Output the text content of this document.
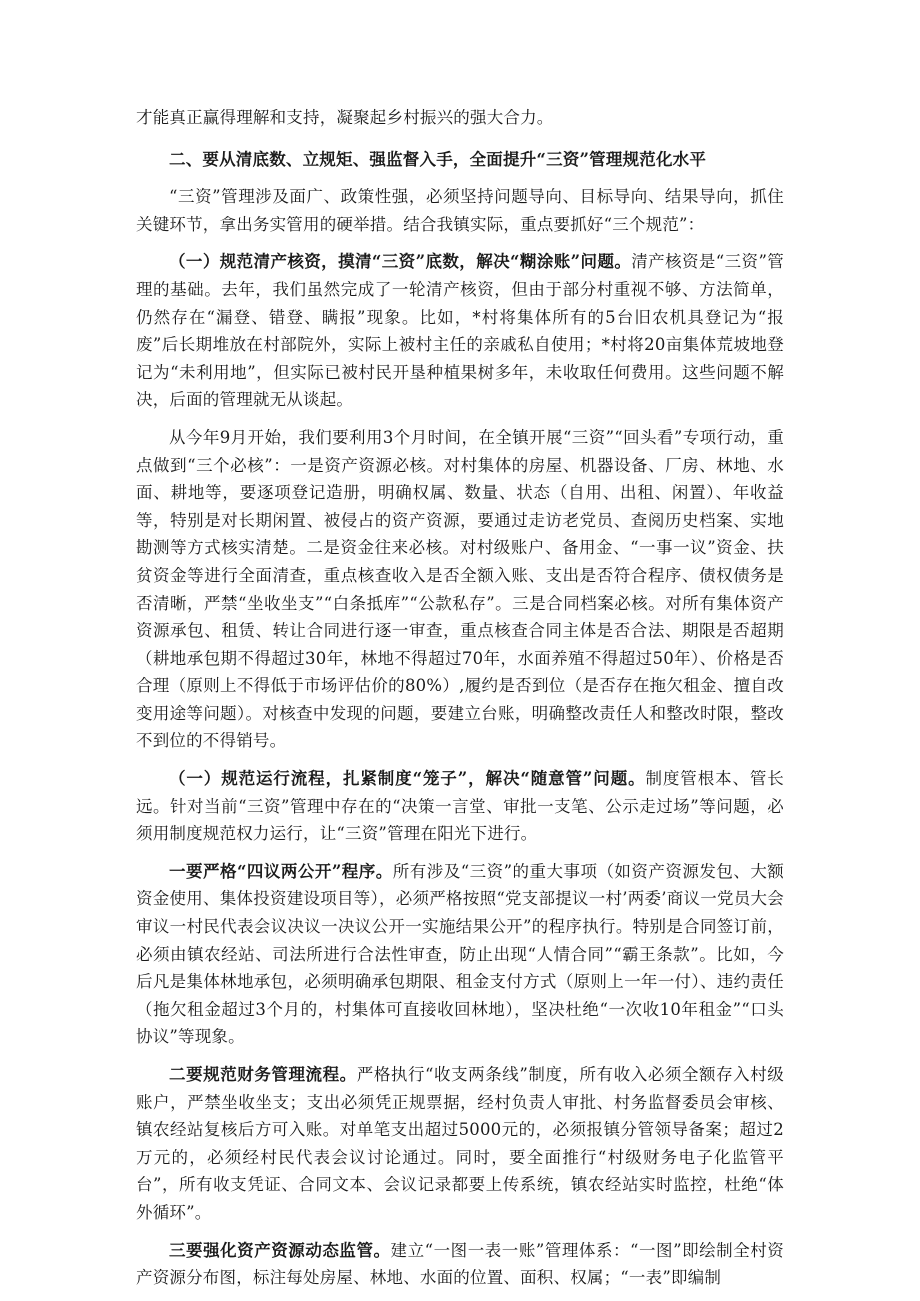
才能真正赢得理解和支持，凝聚起乡村振兴的强大合力。

二、要从清底数、立规矩、强监督入手，全面提升“三资”管理规范化水平

“三资”管理涉及面广、政策性强，必须坚持问题导向、目标导向、结果导向，抓住关键环节，拿出务实管用的硬举措。结合我镇实际，重点要抓好“三个规范”：

（一）规范清产核资，摸清“三资”底数，解决“糊涂账”问题。清产核资是“三资”管理的基础。去年，我们虽然完成了一轮清产核资，但由于部分村重视不够、方法简单，仍然存在“漏登、错登、瞒报”现象。比如，*村将集体所有的5台旧农机具登记为“报废”后长期堆放在村部院外，实际上被村主任的亲戚私自使用；*村将20亩集体荒坡地登记为“未利用地”，但实际已被村民开垦种植果树多年，未收取任何费用。这些问题不解决，后面的管理就无从谈起。

从今年9月开始，我们要利用3个月时间，在全镇开展“三资”“回头看”专项行动，重点做到“三个必核”：一是资产资源必核。对村集体的房屋、机器设备、厂房、林地、水面、耕地等，要逐项登记造册，明确权属、数量、状态（自用、出租、闲置）、年收益等，特别是对长期闲置、被侵占的资产资源，要通过走访老党员、查阅历史档案、实地勘测等方式核实清楚。二是资金往来必核。对村级账户、备用金、“一事一议”资金、扶贫资金等进行全面清查，重点核查收入是否全额入账、支出是否符合程序、债权债务是否清晰，严禁“坐收坐支”“白条抵库”“公款私存”。三是合同档案必核。对所有集体资产资源承包、租赁、转让合同进行逐一审查，重点核查合同主体是否合法、期限是否超期（耕地承包期不得超过30年，林地不得超过70年，水面养殖不得超过50年）、价格是否合理（原则上不得低于市场评估价的80%）,履约是否到位（是否存在拖欠租金、擅自改变用途等问题）。对核查中发现的问题，要建立台账，明确整改责任人和整改时限，整改不到位的不得销号。

（一）规范运行流程，扎紧制度“笼子”，解决“随意管”问题。制度管根本、管长远。针对当前“三资”管理中存在的“决策一言堂、审批一支笔、公示走过场”等问题，必须用制度规范权力运行，让“三资”管理在阳光下进行。

一要严格“四议两公开”程序。所有涉及“三资”的重大事项（如资产资源发包、大额资金使用、集体投资建设项目等），必须严格按照“党支部提议一村’两委’商议一党员大会审议一村民代表会议决议一决议公开一实施结果公开”的程序执行。特别是合同签订前，必须由镇农经站、司法所进行合法性审查，防止出现“人情合同”“霸王条款”。比如，今后凡是集体林地承包，必须明确承包期限、租金支付方式（原则上一年一付）、违约责任（拖欠租金超过3个月的，村集体可直接收回林地），坚决杜绝“一次收10年租金”“口头协议”等现象。

二要规范财务管理流程。严格执行“收支两条线”制度，所有收入必须全额存入村级账户，严禁坐收坐支；支出必须凭正规票据，经村负责人审批、村务监督委员会审核、镇农经站复核后方可入账。对单笔支出超过5000元的，必须报镇分管领导备案；超过2万元的，必须经村民代表会议讨论通过。同时，要全面推行“村级财务电子化监管平台”，所有收支凭证、合同文本、会议记录都要上传系统，镇农经站实时监控，杜绝“体外循环”。

三要强化资产资源动态监管。建立“一图一表一账”管理体系：“一图”即绘制全村资产资源分布图，标注每处房屋、林地、水面的位置、面积、权属；“一表”即编制
